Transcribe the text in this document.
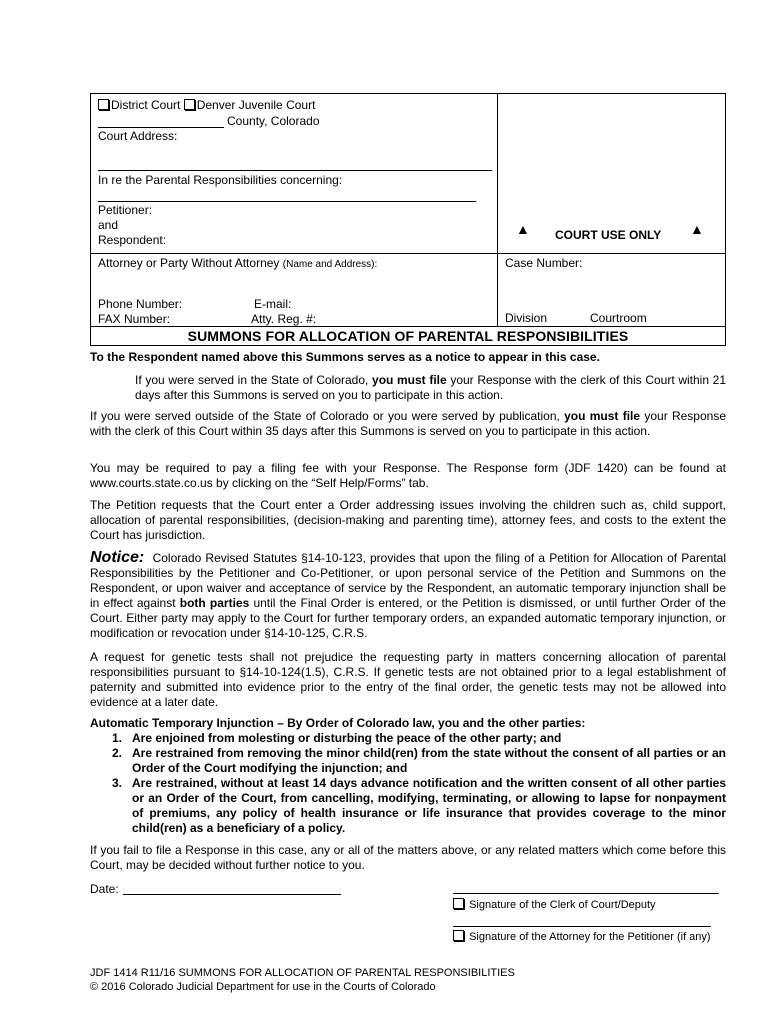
District Court Denver Juvenile Court
County, Colorado
Court Address:
In re the Parental Responsibilities concerning:
Petitioner:
and
Respondent:
▲ COURT USE ONLY ▲
Attorney or Party Without Attorney (Name and Address):
Phone Number:	E-mail:
FAX Number:	Atty. Reg. #:
Case Number:
Division	Courtroom
SUMMONS FOR ALLOCATION OF PARENTAL RESPONSIBILITIES
To the Respondent named above this Summons serves as a notice to appear in this case.
If you were served in the State of Colorado, you must file your Response with the clerk of this Court within 21 days after this Summons is served on you to participate in this action.
If you were served outside of the State of Colorado or you were served by publication, you must file your Response with the clerk of this Court within 35 days after this Summons is served on you to participate in this action.
You may be required to pay a filing fee with your Response. The Response form (JDF 1420) can be found at www.courts.state.co.us by clicking on the “Self Help/Forms” tab.
The Petition requests that the Court enter a Order addressing issues involving the children such as, child support, allocation of parental responsibilities, (decision-making and parenting time), attorney fees, and costs to the extent the Court has jurisdiction.
Notice: Colorado Revised Statutes §14-10-123, provides that upon the filing of a Petition for Allocation of Parental Responsibilities by the Petitioner and Co-Petitioner, or upon personal service of the Petition and Summons on the Respondent, or upon waiver and acceptance of service by the Respondent, an automatic temporary injunction shall be in effect against both parties until the Final Order is entered, or the Petition is dismissed, or until further Order of the Court. Either party may apply to the Court for further temporary orders, an expanded automatic temporary injunction, or modification or revocation under §14-10-125, C.R.S.
A request for genetic tests shall not prejudice the requesting party in matters concerning allocation of parental responsibilities pursuant to §14-10-124(1.5), C.R.S. If genetic tests are not obtained prior to a legal establishment of paternity and submitted into evidence prior to the entry of the final order, the genetic tests may not be allowed into evidence at a later date.
Automatic Temporary Injunction – By Order of Colorado law, you and the other parties:
1. Are enjoined from molesting or disturbing the peace of the other party; and
2. Are restrained from removing the minor child(ren) from the state without the consent of all parties or an Order of the Court modifying the injunction; and
3. Are restrained, without at least 14 days advance notification and the written consent of all other parties or an Order of the Court, from cancelling, modifying, terminating, or allowing to lapse for nonpayment of premiums, any policy of health insurance or life insurance that provides coverage to the minor child(ren) as a beneficiary of a policy.
If you fail to file a Response in this case, any or all of the matters above, or any related matters which come before this Court, may be decided without further notice to you.
Date:
Signature of the Clerk of Court/Deputy
Signature of the Attorney for the Petitioner (if any)
JDF 1414 R11/16 SUMMONS FOR ALLOCATION OF PARENTAL RESPONSIBILITIES
© 2016 Colorado Judicial Department for use in the Courts of Colorado
